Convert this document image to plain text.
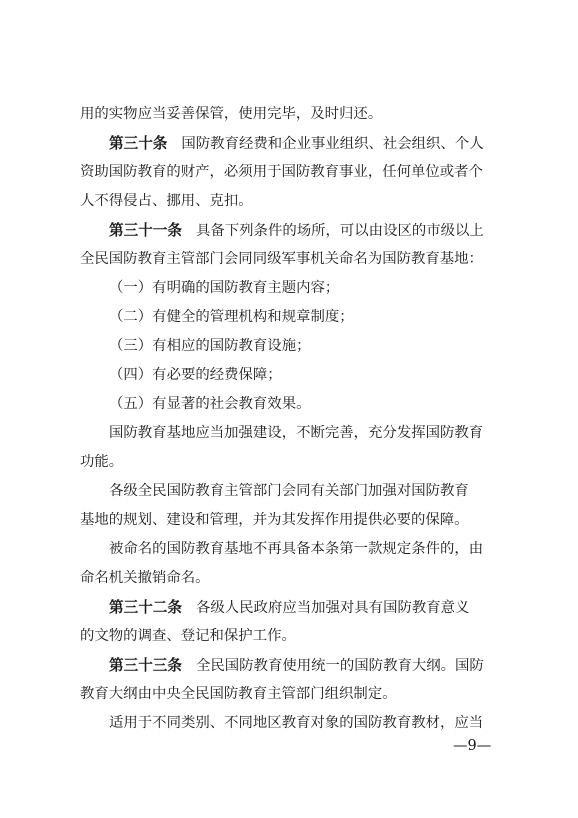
用的实物应当妥善保管，使用完毕，及时归还。
第三十条 国防教育经费和企业事业组织、社会组织、个人
资助国防教育的财产，必须用于国防教育事业，任何单位或者个
人不得侵占、挪用、克扣。
第三十一条 具备下列条件的场所，可以由设区的市级以上
全民国防教育主管部门会同同级军事机关命名为国防教育基地：
（一）有明确的国防教育主题内容；
（二）有健全的管理机构和规章制度；
（三）有相应的国防教育设施；
（四）有必要的经费保障；
（五）有显著的社会教育效果。
国防教育基地应当加强建设，不断完善，充分发挥国防教育
功能。
各级全民国防教育主管部门会同有关部门加强对国防教育
基地的规划、建设和管理，并为其发挥作用提供必要的保障。
被命名的国防教育基地不再具备本条第一款规定条件的，由
命名机关撤销命名。
第三十二条 各级人民政府应当加强对具有国防教育意义
的文物的调查、登记和保护工作。
第三十三条 全民国防教育使用统一的国防教育大纲。国防
教育大纲由中央全民国防教育主管部门组织制定。
适用于不同类别、不同地区教育对象的国防教育教材，应当
—9—
